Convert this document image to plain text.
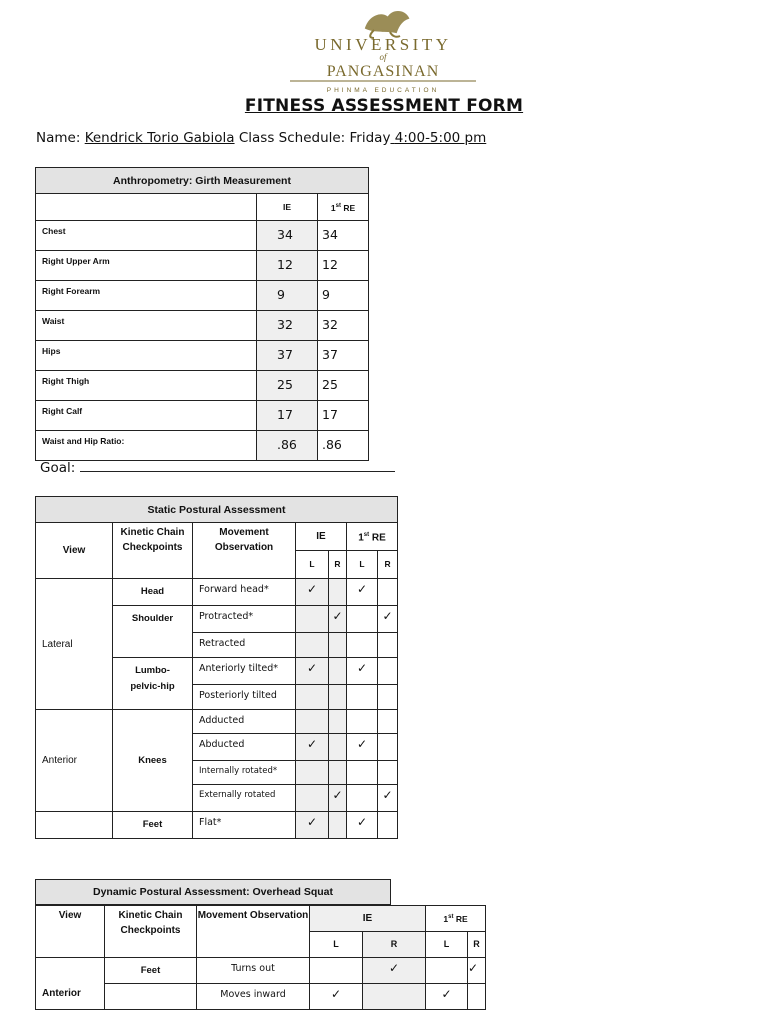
UNIVERSITY
of
PANGASINAN
PHINMA EDUCATION
FITNESS ASSESSMENT FORM
Name: Kendrick Torio Gabiola Class Schedule: Friday 4:00-5:00 pm
Anthropometry: Girth Measurement		
	IE	1st RE
Chest	34	34
Right Upper Arm	12	12
Right Forearm	9	9
Waist	32	32
Hips	37	37
Right Thigh	25	25
Right Calf	17	17
Waist and Hip Ratio:	.86	.86
Goal:
Static Postural Assessment						
View	Kinetic Chain Checkpoints	Movement Observation	IE		1st RE	
			L	R	L	R
Lateral	Head	Forward head*	✓		✓	
	Shoulder	Protracted*		✓		✓
		Retracted				
	Lumbo-pelvic-hip	Anteriorly tilted*	✓		✓	
		Posteriorly tilted				
Anterior	Knees	Adducted				
		Abducted	✓		✓	
		Internally rotated*				
		Externally rotated		✓		✓
	Feet	Flat*	✓		✓	
Dynamic Postural Assessment: Overhead Squat
View	Kinetic Chain Checkpoints	Movement Observation	IE		1st RE	
			L	R	L	R
Anterior	Feet	Turns out		✓		✓
		Moves inward	✓		✓	
